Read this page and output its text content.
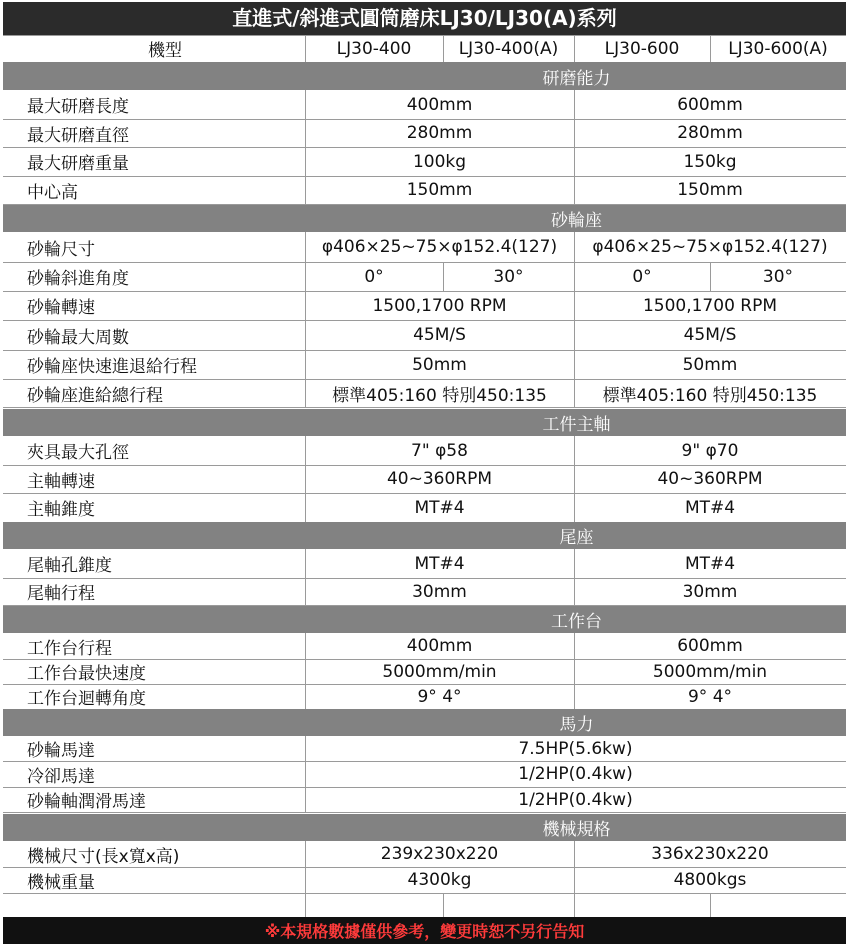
直進式/斜進式圓筒磨床LJ30/LJ30(A)系列
機型	LJ30-400	LJ30-400(A)	LJ30-600	LJ30-600(A)
研磨能力
最大研磨長度	400mm	600mm
最大研磨直徑	280mm	280mm
最大研磨重量	100kg	150kg
中心高	150mm	150mm
砂輪座
砂輪尺寸	φ406×25~75×φ152.4(127)	φ406×25~75×φ152.4(127)
砂輪斜進角度	0°	30°	0°	30°
砂輪轉速	1500,1700 RPM	1500,1700 RPM
砂輪最大周數	45M/S	45M/S
砂輪座快速進退給行程	50mm	50mm
砂輪座進給總行程	標準405:160 特別450:135	標準405:160 特別450:135
工件主軸
夾具最大孔徑	7" φ58	9" φ70
主軸轉速	40~360RPM	40~360RPM
主軸錐度	MT#4	MT#4
尾座
尾軸孔錐度	MT#4	MT#4
尾軸行程	30mm	30mm
工作台
工作台行程	400mm	600mm
工作台最快速度	5000mm/min	5000mm/min
工作台迴轉角度	9° 4°	9° 4°
馬力
砂輪馬達	7.5HP(5.6kw)
冷卻馬達	1/2HP(0.4kw)
砂輪軸潤滑馬達	1/2HP(0.4kw)
機械規格
機械尺寸(長x寬x高)	239x230x220	336x230x220
機械重量	4300kg	4800kgs
※本規格數據僅供參考，變更時恕不另行告知
